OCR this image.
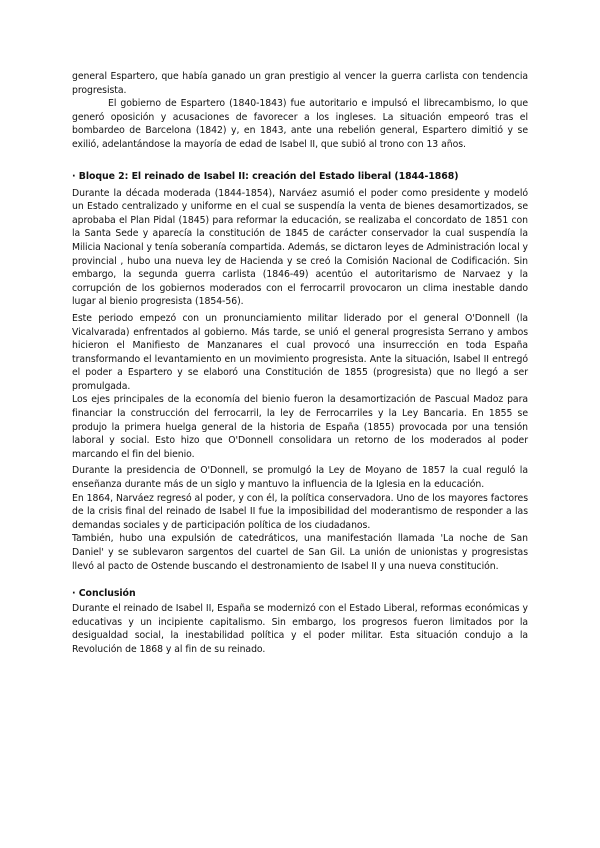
general Espartero, que había ganado un gran prestigio al vencer la guerra carlista con tendencia progresista.

El gobierno de Espartero (1840-1843) fue autoritario e impulsó el librecambismo, lo que generó oposición y acusaciones de favorecer a los ingleses. La situación empeoró tras el bombardeo de Barcelona (1842) y, en 1843, ante una rebelión general, Espartero dimitió y se exilió, adelantándose la mayoría de edad de Isabel II, que subió al trono con 13 años.

· Bloque 2: El reinado de Isabel II: creación del Estado liberal (1844-1868)

Durante la década moderada (1844-1854), Narváez asumió el poder como presidente y modeló un Estado centralizado y uniforme en el cual se suspendía la venta de bienes desamortizados, se aprobaba el Plan Pidal (1845) para reformar la educación, se realizaba el concordato de 1851 con la Santa Sede y aparecía la constitución de 1845 de carácter conservador la cual suspendía la Milicia Nacional y tenía soberanía compartida. Además, se dictaron leyes de Administración local y provincial , hubo una nueva ley de Hacienda y se creó la Comisión Nacional de Codificación. Sin embargo, la segunda guerra carlista (1846-49) acentúo el autoritarismo de Narvaez y la corrupción de los gobiernos moderados con el ferrocarril provocaron un clima inestable dando lugar al bienio progresista (1854-56).

Este periodo empezó con un pronunciamiento militar liderado por el general O'Donnell (la Vicalvarada) enfrentados al gobierno. Más tarde, se unió el general progresista Serrano y ambos hicieron el Manifiesto de Manzanares el cual provocó una insurrección en toda España transformando el levantamiento en un movimiento progresista. Ante la situación, Isabel II entregó el poder a Espartero y se elaboró una Constitución de 1855 (progresista) que no llegó a ser promulgada.

Los ejes principales de la economía del bienio fueron la desamortización de Pascual Madoz para financiar la construcción del ferrocarril, la ley de Ferrocarriles y la Ley Bancaria. En 1855 se produjo la primera huelga general de la historia de España (1855) provocada por una tensión laboral y social. Esto hizo que O'Donnell consolidara un retorno de los moderados al poder marcando el fin del bienio.

Durante la presidencia de O'Donnell, se promulgó la Ley de Moyano de 1857 la cual reguló la enseñanza durante más de un siglo y mantuvo la influencia de la Iglesia en la educación.

En 1864, Narváez regresó al poder, y con él, la política conservadora. Uno de los mayores factores de la crisis final del reinado de Isabel II fue la imposibilidad del moderantismo de responder a las demandas sociales y de participación política de los ciudadanos.

También, hubo una expulsión de catedráticos, una manifestación llamada 'La noche de San Daniel' y se sublevaron sargentos del cuartel de San Gil. La unión de unionistas y progresistas llevó al pacto de Ostende buscando el destronamiento de Isabel II y una nueva constitución.

· Conclusión

Durante el reinado de Isabel II, España se modernizó con el Estado Liberal, reformas económicas y educativas y un incipiente capitalismo. Sin embargo, los progresos fueron limitados por la desigualdad social, la inestabilidad política y el poder militar. Esta situación condujo a la Revolución de 1868 y al fin de su reinado.
